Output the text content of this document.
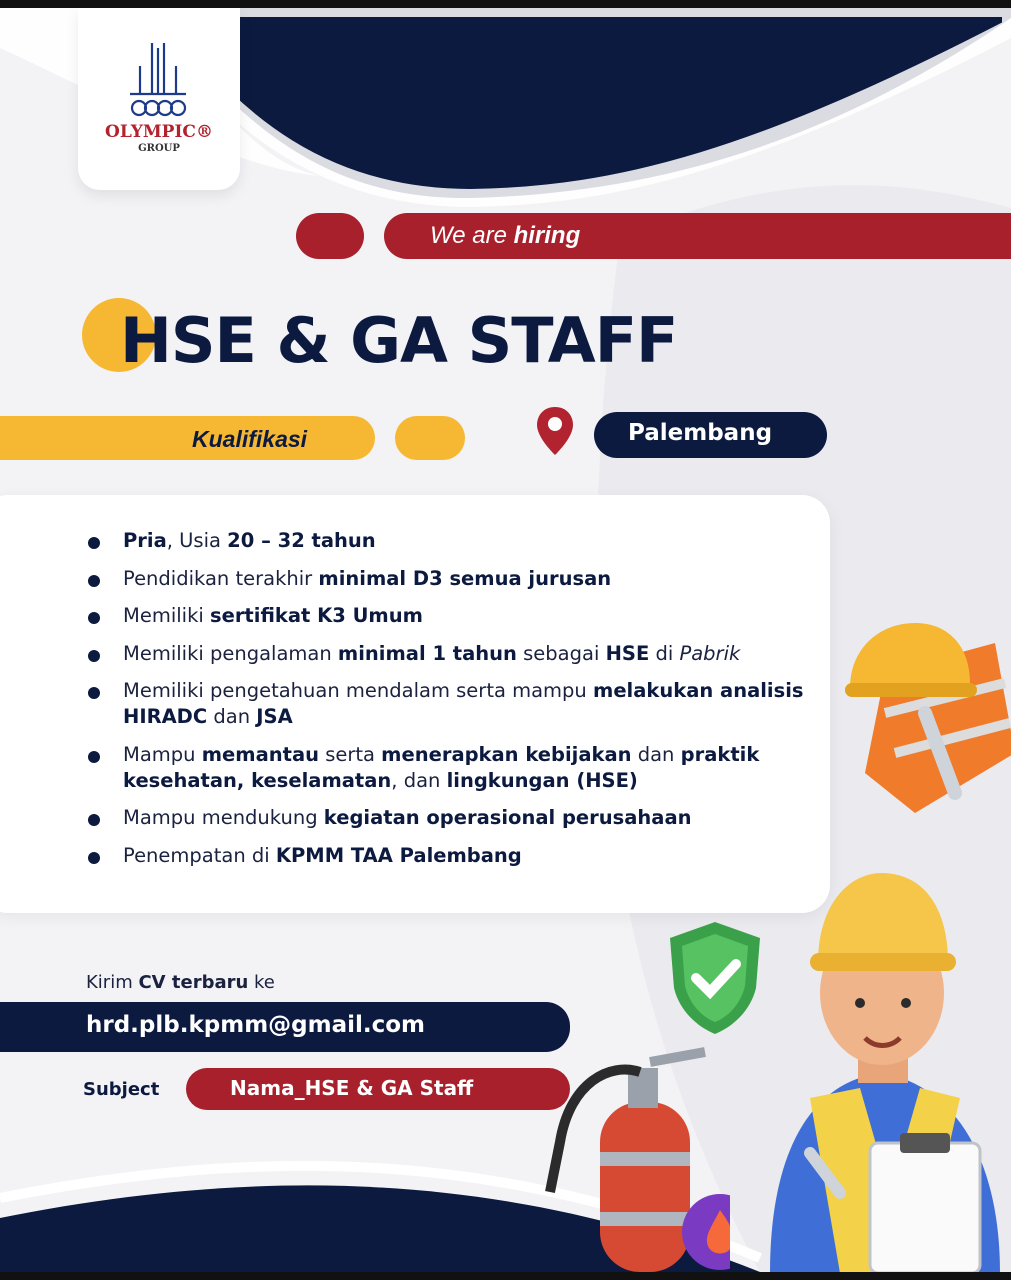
OLYMPIC®
GROUP
We are hiring
HSE & GA STAFF
Kualifikasi	Palembang
Pria, Usia 20 – 32 tahun
Pendidikan terakhir minimal D3 semua jurusan
Memiliki sertifikat K3 Umum
Memiliki pengalaman minimal 1 tahun sebagai HSE di Pabrik
Memiliki pengetahuan mendalam serta mampu melakukan analisis HIRADC dan JSA
Mampu memantau serta menerapkan kebijakan dan praktik kesehatan, keselamatan, dan lingkungan (HSE)
Mampu mendukung kegiatan operasional perusahaan
Penempatan di KPMM TAA Palembang
Kirim CV terbaru ke
hrd.plb.kpmm@gmail.com
Subject	Nama_HSE & GA Staff
